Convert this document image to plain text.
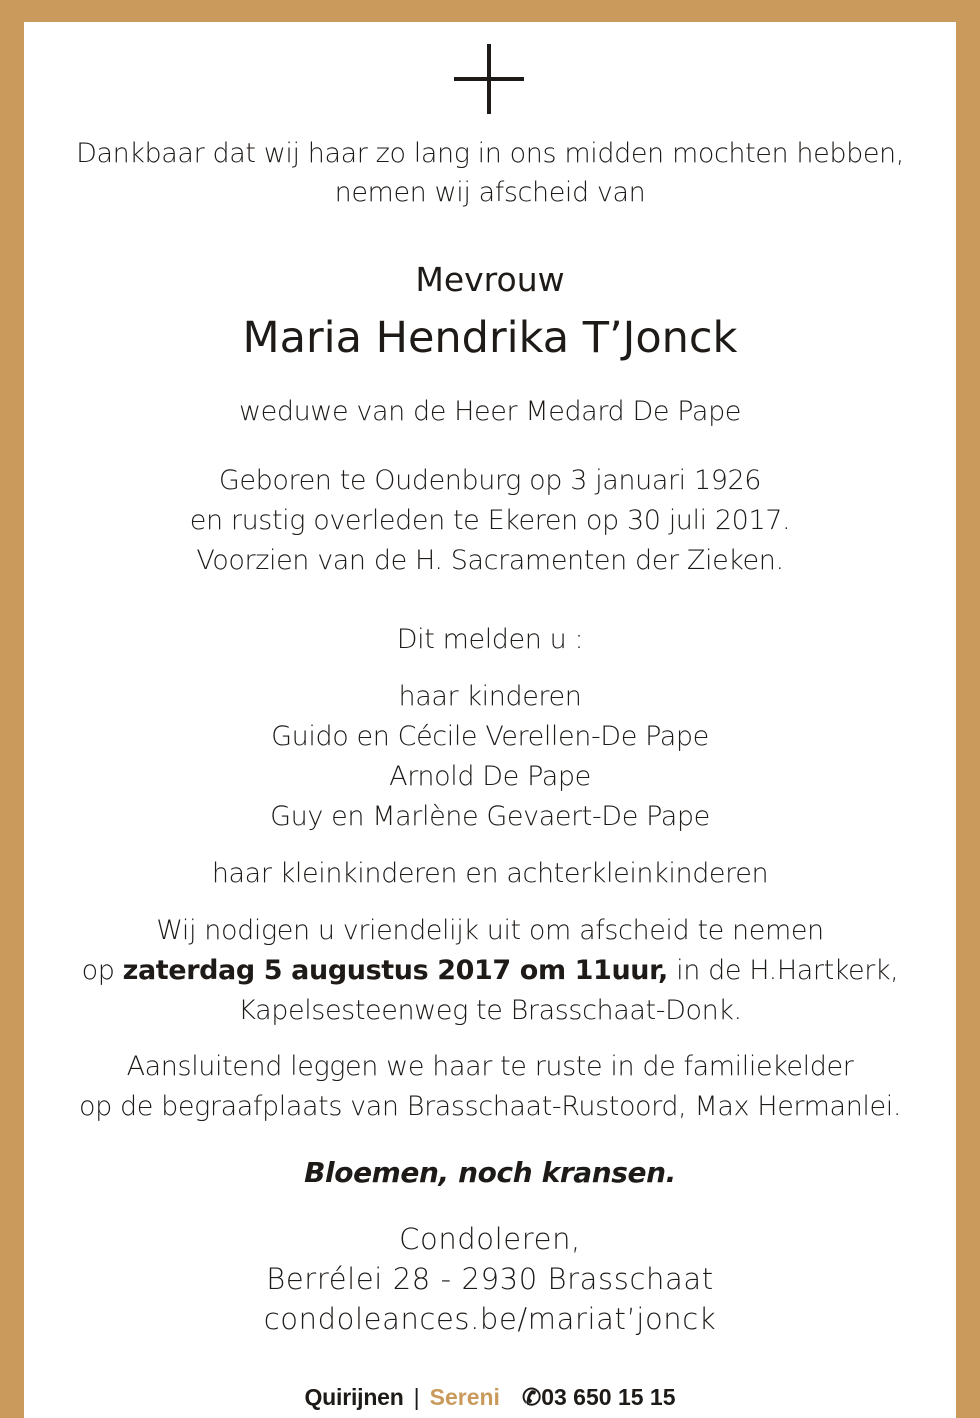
Dankbaar dat wij haar zo lang in ons midden mochten hebben,
nemen wij afscheid van
Mevrouw
Maria Hendrika T’Jonck
weduwe van de Heer Medard De Pape
Geboren te Oudenburg op 3 januari 1926
en rustig overleden te Ekeren op 30 juli 2017.
Voorzien van de H. Sacramenten der Zieken.
Dit melden u :
haar kinderen
Guido en Cécile Verellen-De Pape
Arnold De Pape
Guy en Marlène Gevaert-De Pape
haar kleinkinderen en achterkleinkinderen
Wij nodigen u vriendelijk uit om afscheid te nemen
op zaterdag 5 augustus 2017 om 11uur, in de H.Hartkerk,
Kapelsesteenweg te Brasschaat-Donk.
Aansluitend leggen we haar te ruste in de familiekelder
op de begraafplaats van Brasschaat-Rustoord, Max Hermanlei.
Bloemen, noch kransen.
Condoleren,
Berrélei 28 - 2930 Brasschaat
condoleances.be/mariat’jonck
Quirijnen | Sereni ✆03 650 15 15
